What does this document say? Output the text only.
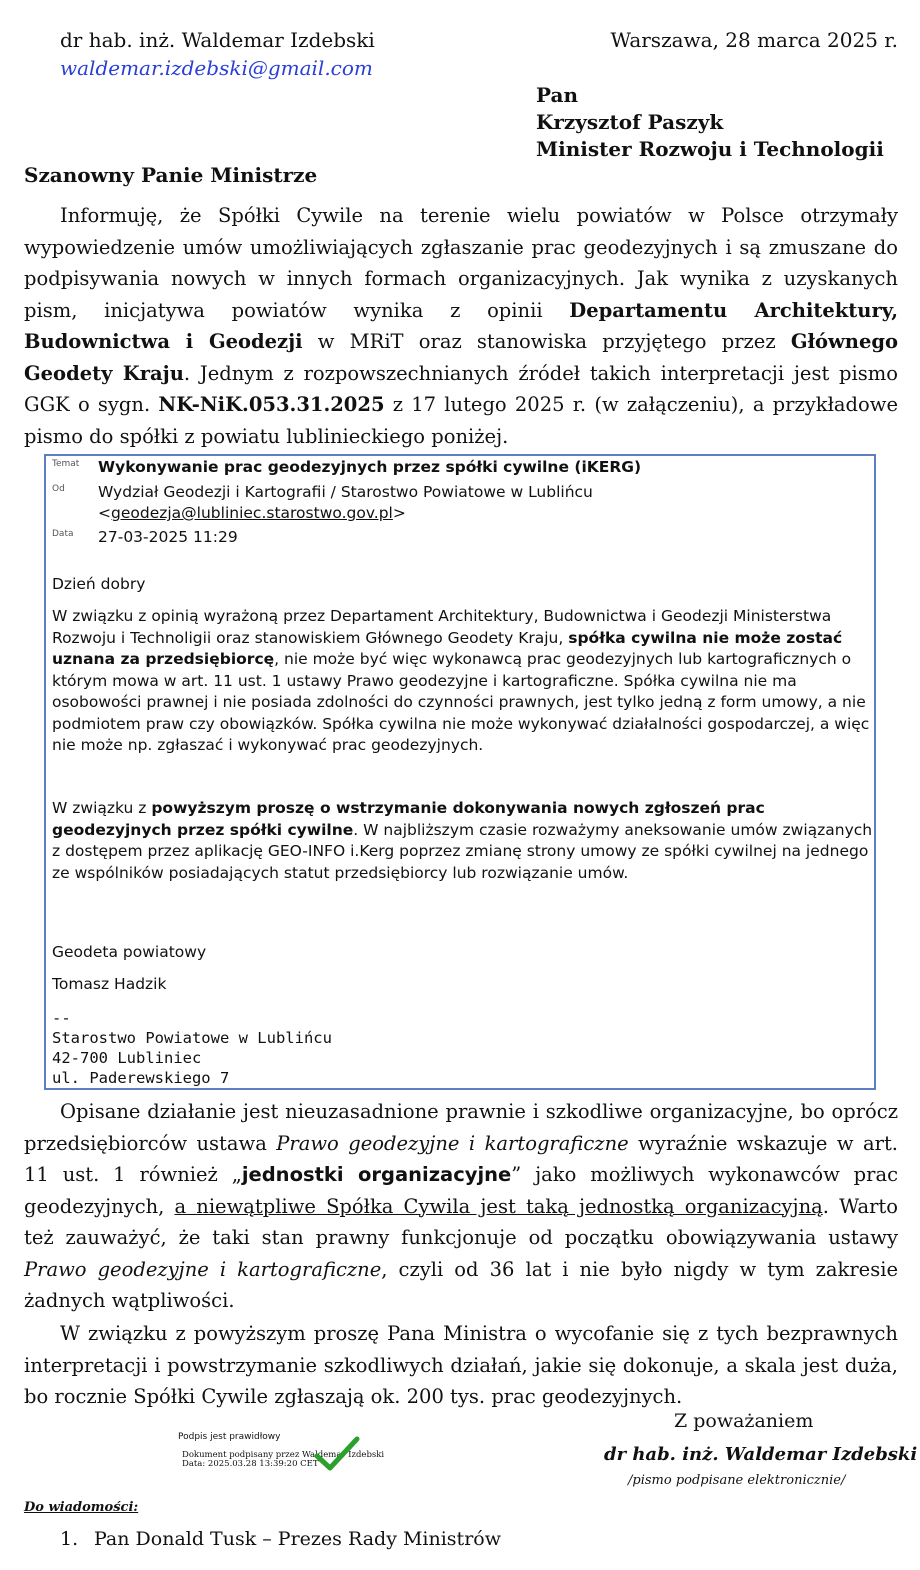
dr hab. inż. Waldemar Izdebski
waldemar.izdebski@gmail.com
Warszawa, 28 marca 2025 r.
Pan
Krzysztof Paszyk
Minister Rozwoju i Technologii
Szanowny Panie Ministrze

Informuję, że Spółki Cywile na terenie wielu powiatów w Polsce otrzymały wypowiedzenie umów umożliwiających zgłaszanie prac geodezyjnych i są zmuszane do podpisywania nowych w innych formach organizacyjnych. Jak wynika z uzyskanych pism, inicjatywa powiatów wynika z opinii Departamentu Architektury, Budownictwa i Geodezji w MRiT oraz stanowiska przyjętego przez Głównego Geodety Kraju. Jednym z rozpowszechnianych źródeł takich interpretacji jest pismo GGK o sygn. NK-NiK.053.31.2025 z 17 lutego 2025 r. (w załączeniu), a przykładowe pismo do spółki z powiatu lublinieckiego poniżej.

Temat Wykonywanie prac geodezyjnych przez spółki cywilne (iKERG)
Od Wydział Geodezji i Kartografii / Starostwo Powiatowe w Lublińcu
<geodezja@lubliniec.starostwo.gov.pl>
Data 27-03-2025 11:29
Dzień dobry

W związku z opinią wyrażoną przez Departament Architektury, Budownictwa i Geodezji Ministerstwa Rozwoju i Technoligii oraz stanowiskiem Głównego Geodety Kraju, spółka cywilna nie może zostać uznana za przedsiębiorcę, nie może być więc wykonawcą prac geodezyjnych lub kartograficznych o którym mowa w art. 11 ust. 1 ustawy Prawo geodezyjne i kartograficzne. Spółka cywilna nie ma osobowości prawnej i nie posiada zdolności do czynności prawnych, jest tylko jedną z form umowy, a nie podmiotem praw czy obowiązków. Spółka cywilna nie może wykonywać działalności gospodarczej, a więc nie może np. zgłaszać i wykonywać prac geodezyjnych.

W związku z powyższym proszę o wstrzymanie dokonywania nowych zgłoszeń prac geodezyjnych przez spółki cywilne. W najbliższym czasie rozważymy aneksowanie umów związanych z dostępem przez aplikację GEO-INFO i.Kerg poprzez zmianę strony umowy ze spółki cywilnej na jednego ze wspólników posiadających statut przedsiębiorcy lub rozwiązanie umów.

Geodeta powiatowy
Tomasz Hadzik
--
Starostwo Powiatowe w Lublińcu
42-700 Lubliniec
ul. Paderewskiego 7

Opisane działanie jest nieuzasadnione prawnie i szkodliwe organizacyjne, bo oprócz przedsiębiorców ustawa Prawo geodezyjne i kartograficzne wyraźnie wskazuje w art. 11 ust. 1 również „jednostki organizacyjne” jako możliwych wykonawców prac geodezyjnych, a niewątpliwe Spółka Cywila jest taką jednostką organizacyjną. Warto też zauważyć, że taki stan prawny funkcjonuje od początku obowiązywania ustawy Prawo geodezyjne i kartograficzne, czyli od 36 lat i nie było nigdy w tym zakresie żadnych wątpliwości.

W związku z powyższym proszę Pana Ministra o wycofanie się z tych bezprawnych interpretacji i powstrzymanie szkodliwych działań, jakie się dokonuje, a skala jest duża, bo rocznie Spółki Cywile zgłaszają ok. 200 tys. prac geodezyjnych.

Z poważaniem
dr hab. inż. Waldemar Izdebski
/pismo podpisane elektronicznie/
Podpis jest prawidłowy
Dokument podpisany przez Waldemar Izdebski
Data: 2025.03.28 13:39:20 CET
Do wiadomości:
1. Pan Donald Tusk – Prezes Rady Ministrów
